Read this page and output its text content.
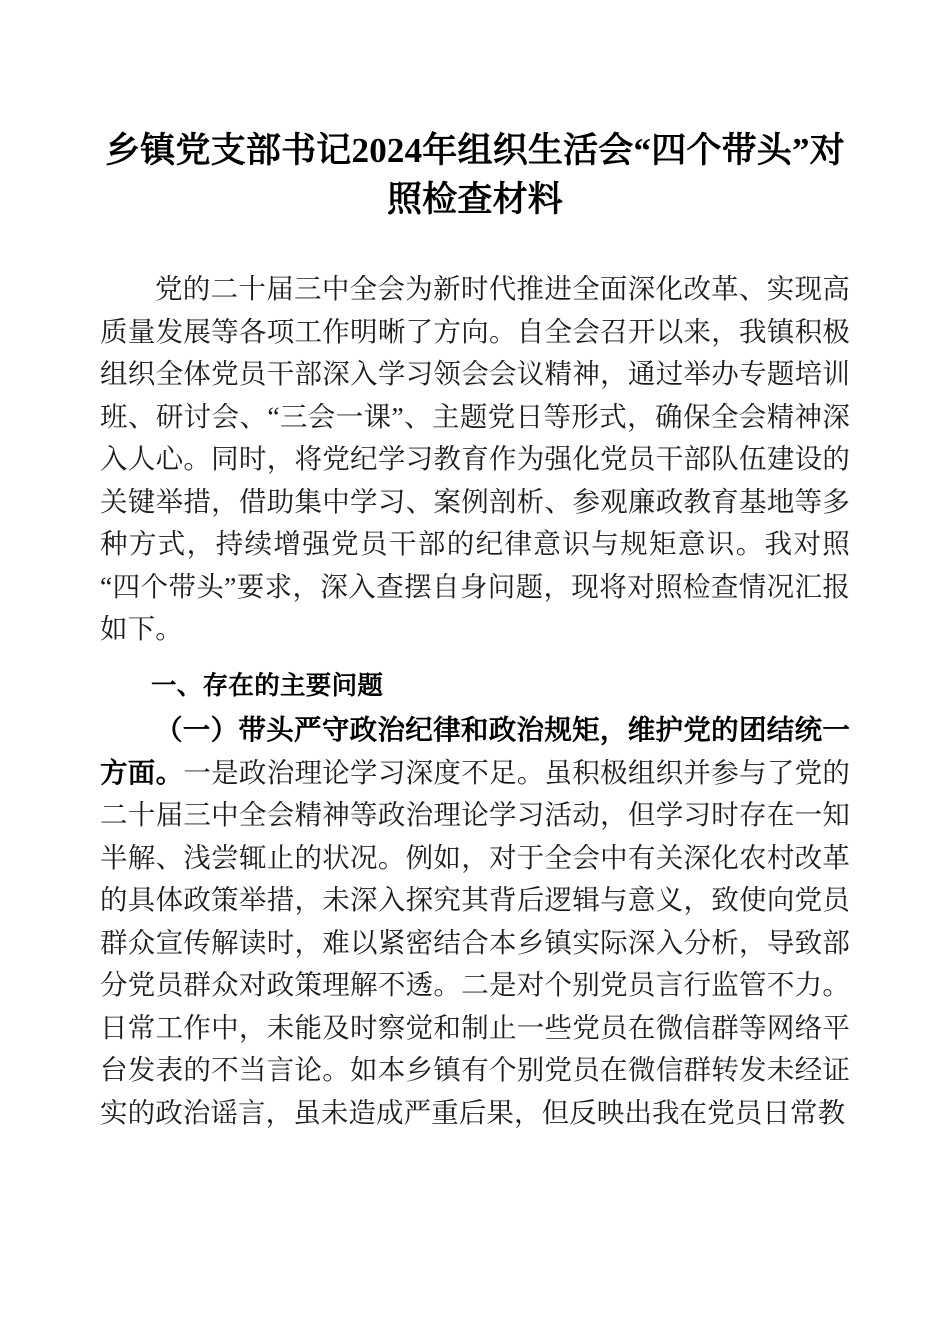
乡镇党支部书记2024年组织生活会“四个带头”对照检查材料

党的二十届三中全会为新时代推进全面深化改革、实现高质量发展等各项工作明晰了方向。自全会召开以来，我镇积极组织全体党员干部深入学习领会会议精神，通过举办专题培训班、研讨会、“三会一课”、主题党日等形式，确保全会精神深入人心。同时，将党纪学习教育作为强化党员干部队伍建设的关键举措，借助集中学习、案例剖析、参观廉政教育基地等多种方式，持续增强党员干部的纪律意识与规矩意识。我对照“四个带头”要求，深入查摆自身问题，现将对照检查情况汇报如下。

一、存在的主要问题

（一）带头严守政治纪律和政治规矩，维护党的团结统一方面。一是政治理论学习深度不足。虽积极组织并参与了党的二十届三中全会精神等政治理论学习活动，但学习时存在一知半解、浅尝辄止的状况。例如，对于全会中有关深化农村改革的具体政策举措，未深入探究其背后逻辑与意义，致使向党员群众宣传解读时，难以紧密结合本乡镇实际深入分析，导致部分党员群众对政策理解不透。二是对个别党员言行监管不力。日常工作中，未能及时察觉和制止一些党员在微信群等网络平台发表的不当言论。如本乡镇有个别党员在微信群转发未经证实的政治谣言，虽未造成严重后果，但反映出我在党员日常教
